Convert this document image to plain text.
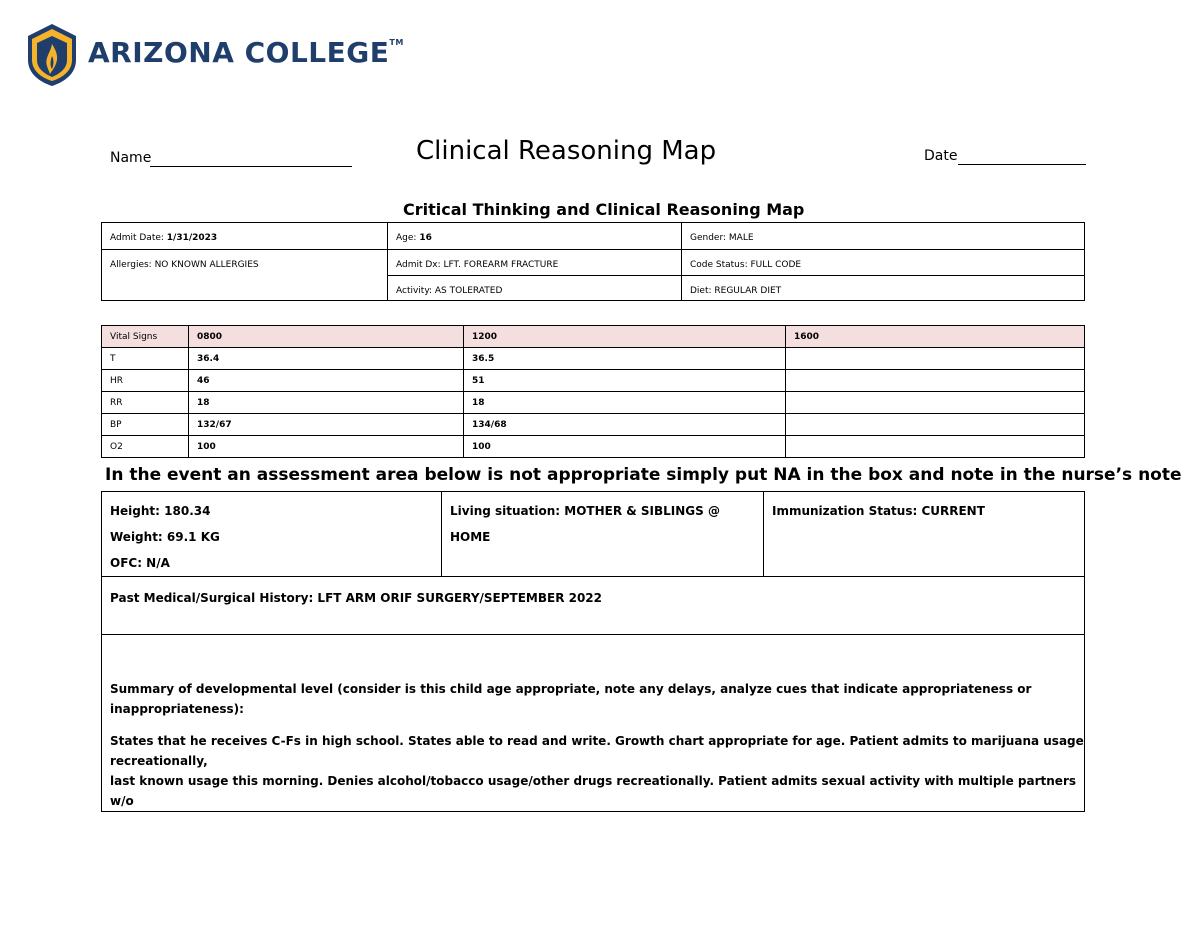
ARIZONA COLLEGE™
Name	Clinical Reasoning Map	Date
Critical Thinking and Clinical Reasoning Map
Admit Date: 1/31/2023	Age: 16	Gender: MALE
Allergies: NO KNOWN ALLERGIES	Admit Dx: LFT. FOREARM FRACTURE	Code Status: FULL CODE
	Activity: AS TOLERATED	Diet: REGULAR DIET
Vital Signs	0800	1200	1600
T	36.4	36.5	
HR	46	51	
RR	18	18	
BP	132/67	134/68	
O2	100	100	
In the event an assessment area below is not appropriate simply put NA in the box and note in the nurse’s note
Height: 180.34
Weight: 69.1 KG
OFC: N/A

Living situation: MOTHER & SIBLINGS @ HOME

Immunization Status: CURRENT

Past Medical/Surgical History: LFT ARM ORIF SURGERY/SEPTEMBER 2022

Summary of developmental level (consider is this child age appropriate, note any delays, analyze cues that indicate appropriateness or
inappropriateness):
States that he receives C-Fs in high school. States able to read and write. Growth chart appropriate for age. Patient admits to marijuana usage recreationally,
last known usage this morning. Denies alcohol/tobacco usage/other drugs recreationally. Patient admits sexual activity with multiple partners w/o
